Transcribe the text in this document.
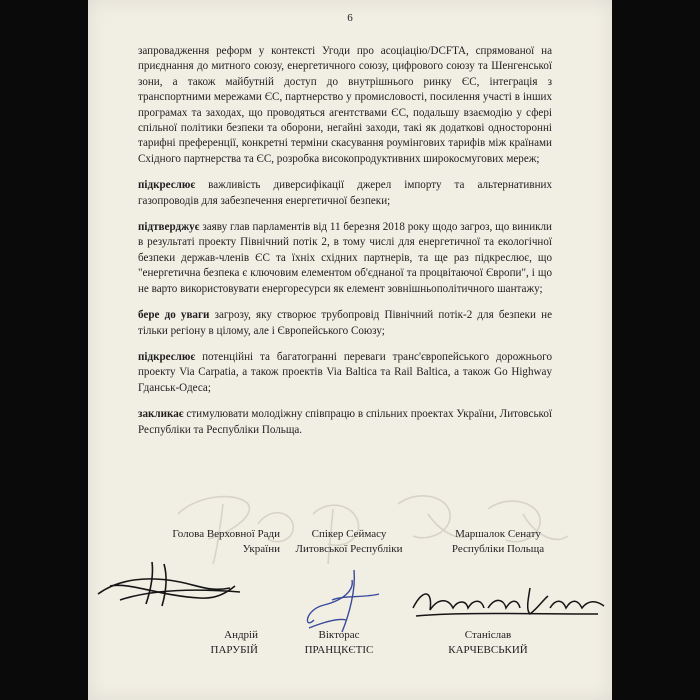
6

запровадження реформ у контексті Угоди про асоціацію/DCFTA, спрямованої на приєднання до митного союзу, енергетичного союзу, цифрового союзу та Шенгенської зони, а також майбутній доступ до внутрішнього ринку ЄС, інтеграція з транспортними мережами ЄС, партнерство у промисловості, посилення участі в інших програмах та заходах, що проводяться агентствами ЄС, подальшу взаємодію у сфері спільної політики безпеки та оборони, негайні заходи, такі як додаткові односторонні тарифні преференції, конкретні терміни скасування роумінгових тарифів між країнами Східного партнерства та ЄС, розробка високопродуктивних широкосмугових мереж;

підкреслює важливість диверсифікації джерел імпорту та альтернативних газопроводів для забезпечення енергетичної безпеки;

підтверджує заяву глав парламентів від 11 березня 2018 року щодо загроз, що виникли в результаті проекту Північний потік 2, в тому числі для енергетичної та екологічної безпеки держав-членів ЄС та їхніх східних партнерів, та ще раз підкреслює, що "енергетична безпека є ключовим елементом об'єднаної та процвітаючої Європи", і що не варто використовувати енергоресурси як елемент зовнішньополітичного шантажу;

бере до уваги загрозу, яку створює трубопровід Північний потік-2 для безпеки не тільки регіону в цілому, але і Європейського Союзу;

підкреслює потенційні та багатогранні переваги транс'європейського дорожнього проекту Via Carpatia, а також проектів Via Baltica та Rail Baltica, а також Go Highway Гданськ-Одеса;

закликає стимулювати молодіжну співпрацю в спільних проектах України, Литовської Республіки та Республіки Польща.

Голова Верховної Ради
України
Андрій
ПАРУБІЙ
Спікер Сеймасу
Литовської Республіки
Вікторас
ПРАНЦКЄТІС
Маршалок Сенату
Республіки Польща
Станіслав
КАРЧЕВСЬКИЙ
